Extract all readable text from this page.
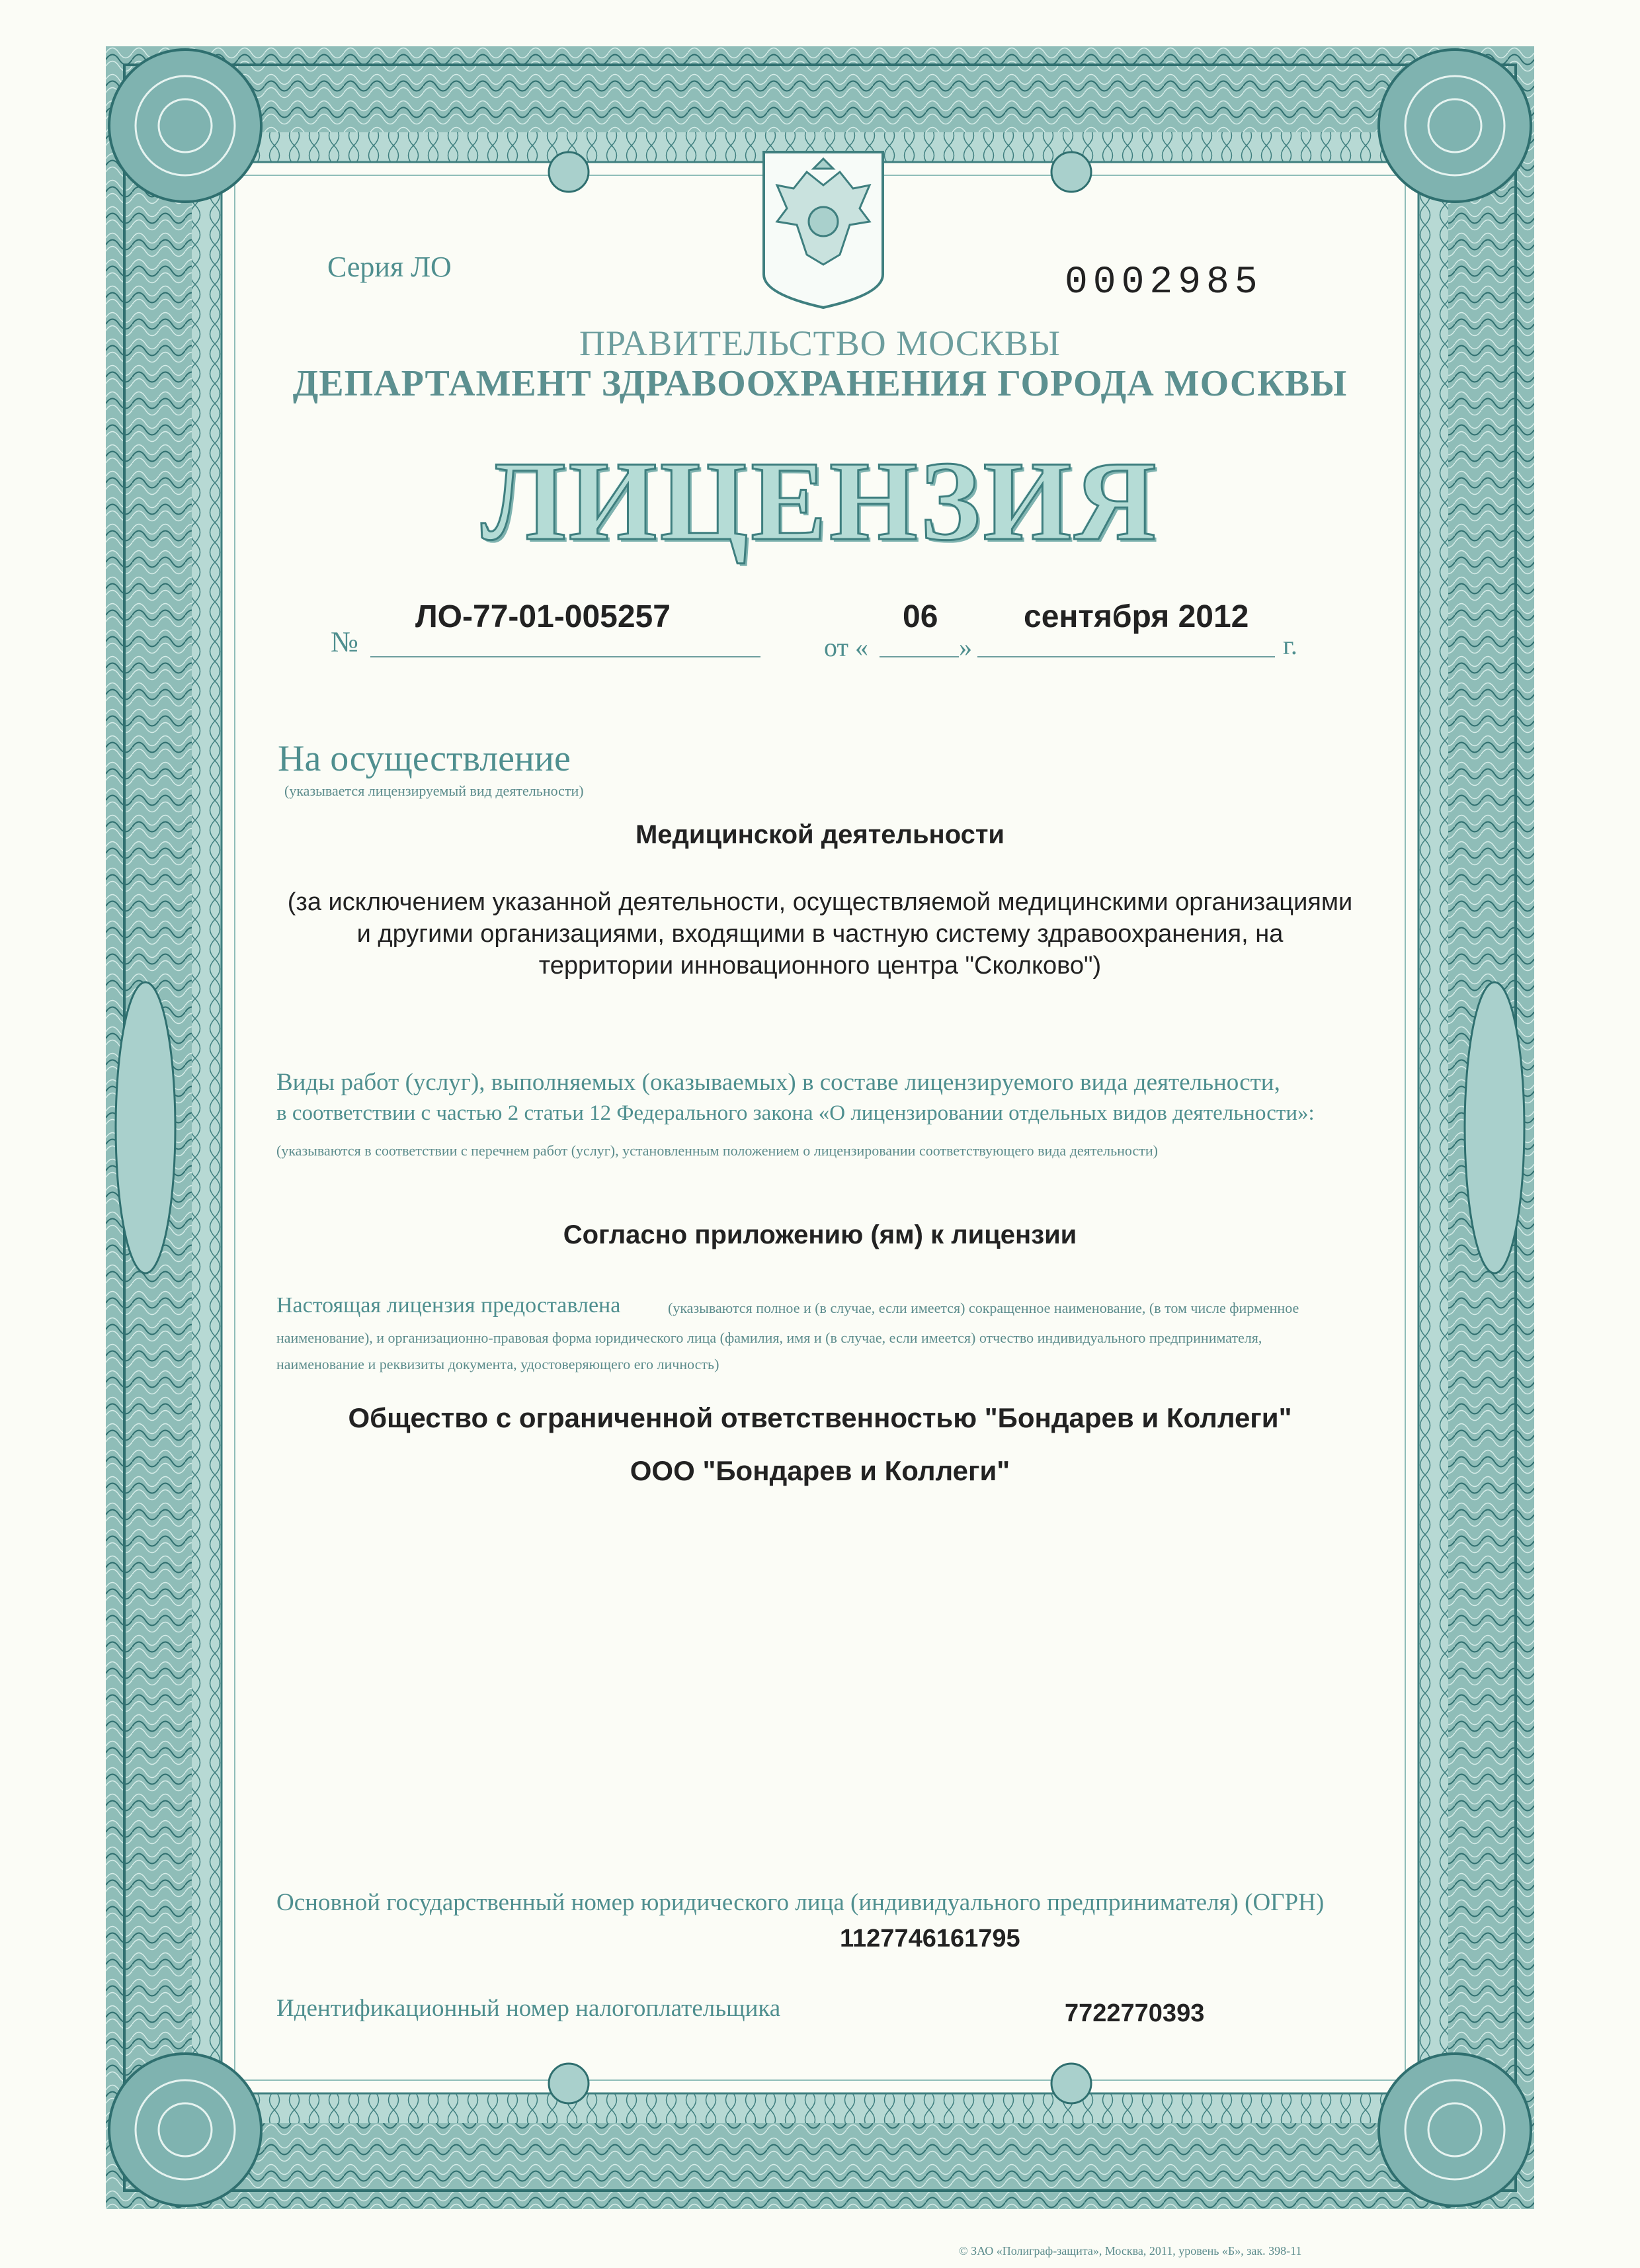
Серия ЛО	0002985
ПРАВИТЕЛЬСТВО МОСКВЫ
ДЕПАРТАМЕНТ ЗДРАВООХРАНЕНИЯ ГОРОДА МОСКВЫ
ЛИЦЕНЗИЯ
№
ЛО-77-01-005257
от «
06
»
сентября 2012
г.
На осуществление
(указывается лицензируемый вид деятельности)
Медицинской деятельности
(за исключением указанной деятельности, осуществляемой медицинскими организациями
и другими организациями, входящими в частную систему здравоохранения, на
территории инновационного центра "Сколково")
Виды работ (услуг), выполняемых (оказываемых) в составе лицензируемого вида деятельности,
в соответствии с частью 2 статьи 12 Федерального закона «О лицензировании отдельных видов деятельности»:
(указываются в соответствии с перечнем работ (услуг), установленным положением о лицензировании соответствующего вида деятельности)
Согласно приложению (ям) к лицензии
Настоящая лицензия предоставлена	(указываются полное и (в случае, если имеется) сокращенное наименование, (в том числе фирменное
наименование), и организационно-правовая форма юридического лица (фамилия, имя и (в случае, если имеется) отчество индивидуального предпринимателя,
наименование и реквизиты документа, удостоверяющего его личность)
Общество с ограниченной ответственностью "Бондарев и Коллеги"
ООО "Бондарев и Коллеги"
Основной государственный номер юридического лица (индивидуального предпринимателя) (ОГРН)
1127746161795
Идентификационный номер налогоплательщика	7722770393
© ЗАО «Полиграф-защита», Москва, 2011, уровень «Б», зак. 398-11
